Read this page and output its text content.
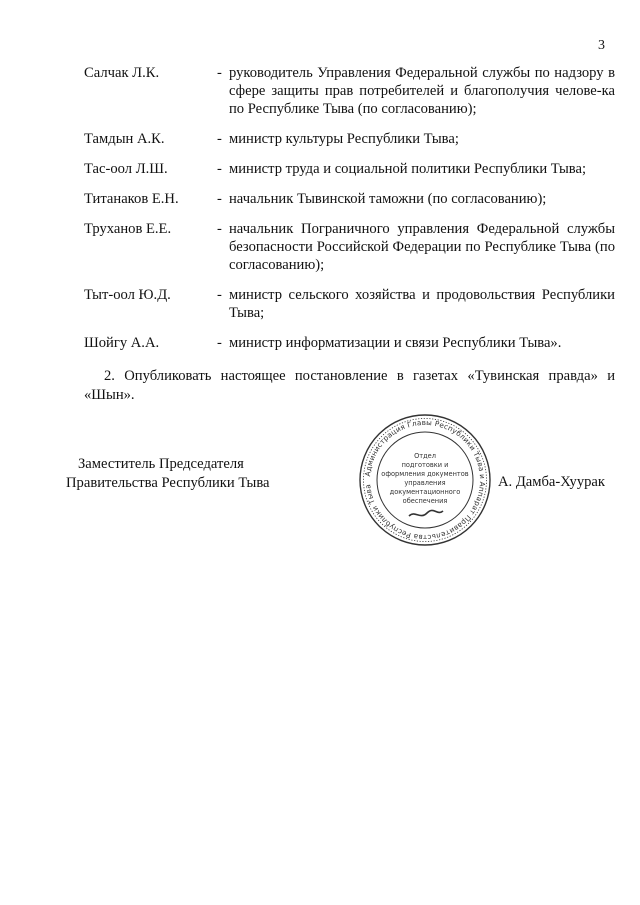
3
Салчак Л.К.	- руководитель Управления Федеральной службы по надзору в сфере защиты прав потребителей и благополучия челове-ка по Республике Тыва (по согласованию);
Тамдын А.К.	- министр культуры Республики Тыва;
Тас-оол Л.Ш.	- министр труда и социальной политики Республики Тыва;
Титанаков Е.Н.	- начальник Тывинской таможни (по согласованию);
Труханов Е.Е.	- начальник Пограничного управления Федеральной службы безопасности Российской Федерации по Республике Тыва (по согласованию);
Тыт-оол Ю.Д.	- министр сельского хозяйства и продовольствия Республики Тыва;
Шойгу А.А.	- министр информатизации и связи Республики Тыва».
2. Опубликовать настоящее постановление в газетах «Тувинская правда» и «Шын».
Заместитель Председателя
Правительства Республики Тыва
Администрация Главы Республики Тыва и Аппарат Правительства Республики Тыва
Отдел
подготовки и
оформления документов
управления
документационного
обеспечения
А. Дамба-Хуурак
